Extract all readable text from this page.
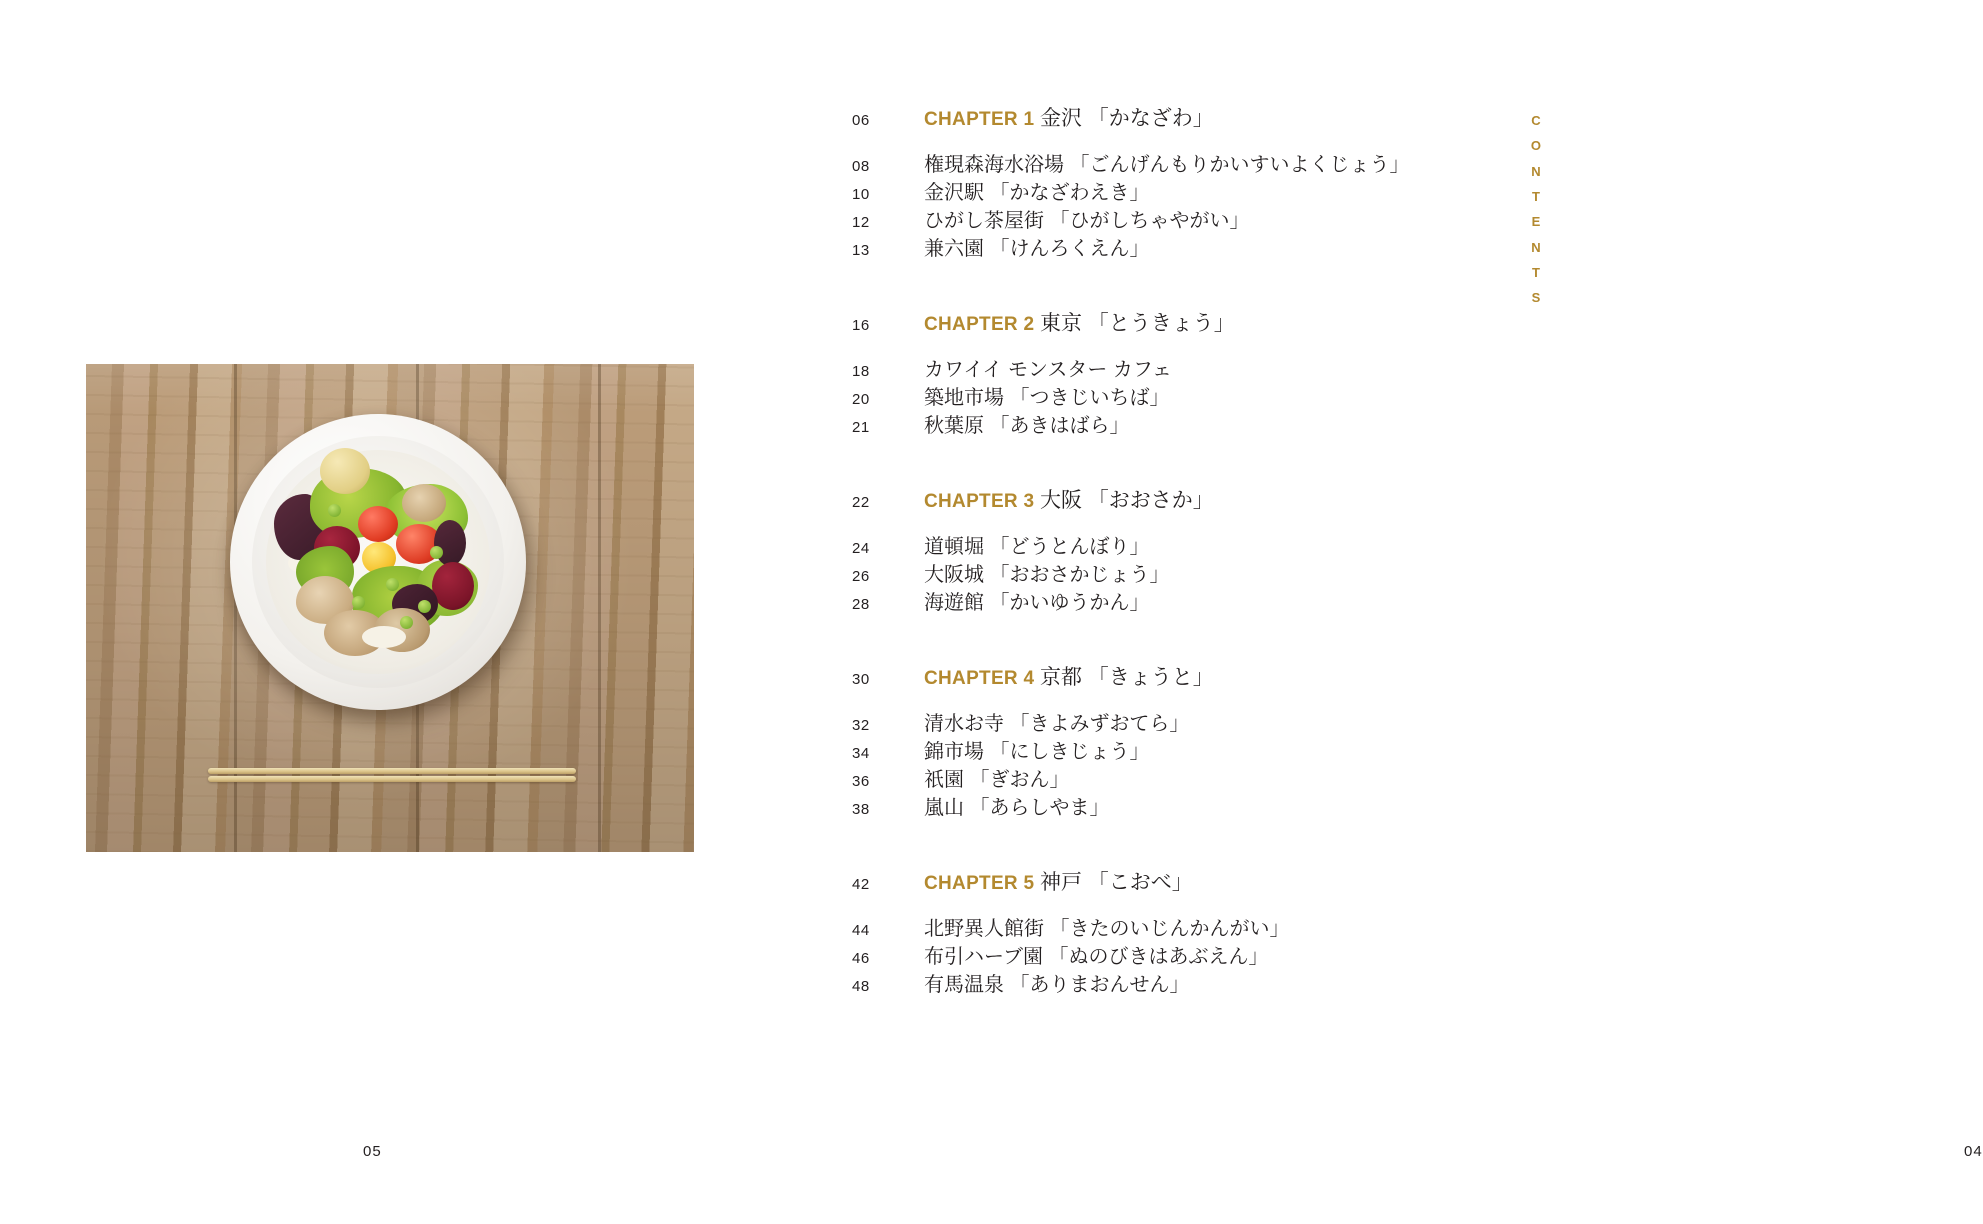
05
06	CHAPTER 1 金沢 「かなざわ」
08	権現森海水浴場 「ごんげんもりかいすいよくじょう」
10	金沢駅 「かなざわえき」
12	ひがし茶屋街 「ひがしちゃやがい」
13	兼六園 「けんろくえん」
16	CHAPTER 2 東京 「とうきょう」
18	カワイイ モンスター カフェ
20	築地市場 「つきじいちば」
21	秋葉原 「あきはばら」
22	CHAPTER 3 大阪 「おおさか」
24	道頓堀 「どうとんぼり」
26	大阪城 「おおさかじょう」
28	海遊館 「かいゆうかん」
30	CHAPTER 4 京都 「きょうと」
32	清水お寺 「きよみずおてら」
34	錦市場 「にしきじょう」
36	祇園 「ぎおん」
38	嵐山 「あらしやま」
42	CHAPTER 5 神戸 「こおべ」
44	北野異人館街 「きたのいじんかんがい」
46	布引ハーブ園 「ぬのびきはあぶえん」
48	有馬温泉 「ありまおんせん」
C
O
N
T
E
N
T
S
04
